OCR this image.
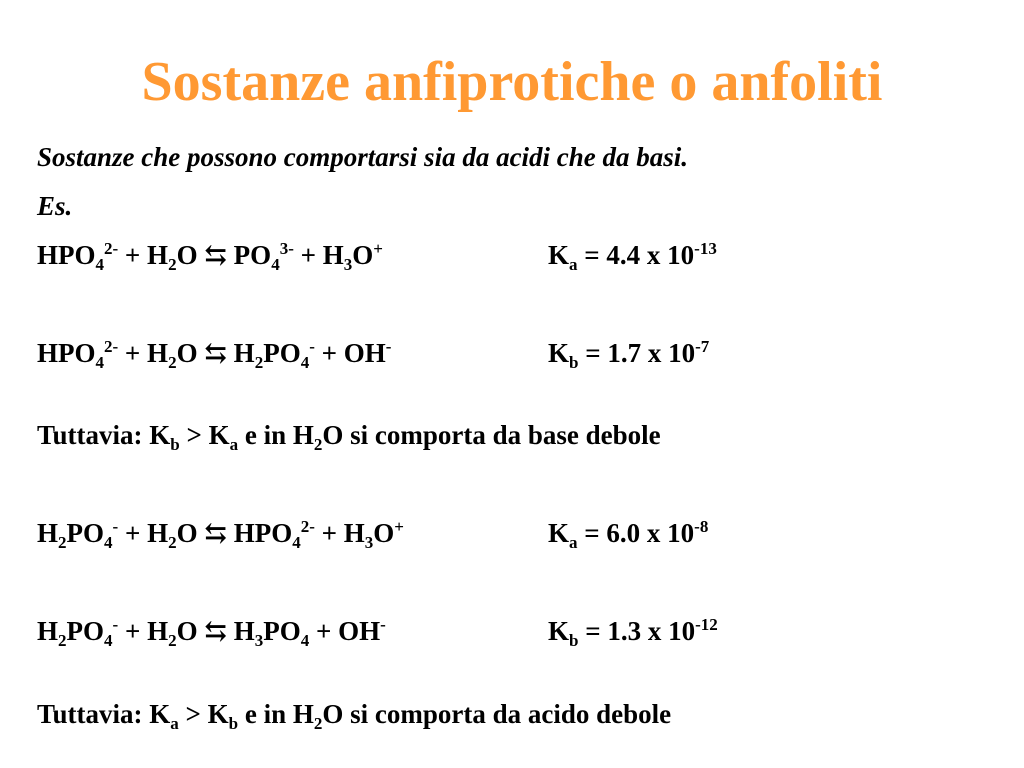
Sostanze anfiprotiche o anfoliti
Sostanze che possono comportarsi sia da acidi che da basi.
Es.
$HPO_4^{2-} + H_2O$ ⇆ $PO_4^{3-} + H_3O^+$	$K_a = 4.4$ x $10^{-13}$
$HPO_4^{2-} + H_2O$ ⇆ $H_2PO_4^- + OH^-$	$K_b = 1.7$ x $10^{-7}$
Tuttavia: $K_b > K_a$ e in $H_2O$ si comporta da base debole
$H_2PO_4^- + H_2O$ ⇆ $HPO_4^{2-} + H_3O^+$	$K_a = 6.0$ x $10^{-8}$
$H_2PO_4^- + H_2O$ ⇆ $H_3PO_4 + OH^-$	$K_b = 1.3$ x $10^{-12}$
Tuttavia: $K_a > K_b$ e in $H_2O$ si comporta da acido debole
